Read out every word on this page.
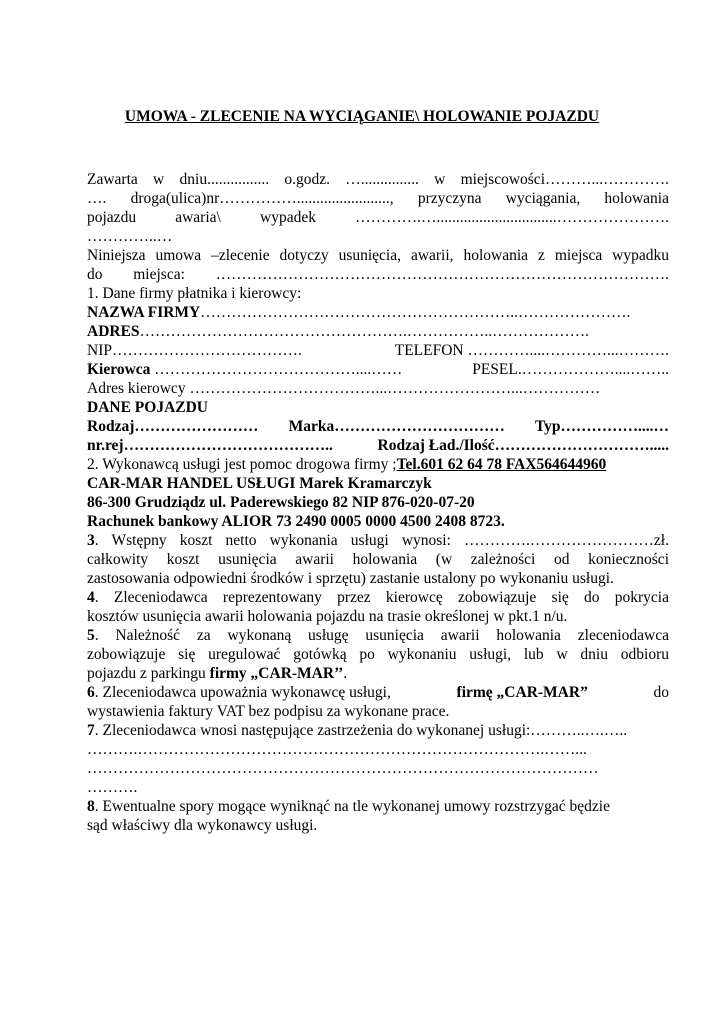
UMOWA - ZLECENIE NA WYCIĄGANIE\ HOLOWANIE POJAZDU
Zawarta w dniu................ o.godz. …............... w miejscowości………...………….
…. droga(ulica)nr……………........................, przyczyna wyciągania, holowania
pojazdu awaria\ wypadek ………….…...............................………………….
…………..…
Niniejsza umowa –zlecenie dotyczy usunięcia, awarii, holowania z miejsca wypadku
do miejsca: …………………………………………………………………………….
1. Dane firmy płatnika i kierowcy:
NAZWA FIRMY……………………………………………………..………………….
ADRES…………………………………………….……………..……………….
NIP……………………………….	TELEFON …………....…………...……….
Kierowca …………………………………....……	PESEL.………………....……..
Adres kierowcy ………………………………...……………………...……………
DANE POJAZDU
Rodzaj…………………… Marka…………………………… Typ……………....…
nr.rej…………………………………..	Rodzaj Ład./Ilość………………………….....
2. Wykonawcą usługi jest pomoc drogowa firmy ;Tel.601 62 64 78 FAX564644960
CAR-MAR HANDEL USŁUGI Marek Kramarczyk
86-300 Grudziądz ul. Paderewskiego 82 NIP 876-020-07-20
Rachunek bankowy ALIOR 73 2490 0005 0000 4500 2408 8723.
3. Wstępny koszt netto wykonania usługi wynosi: ………….……………………zł.
całkowity koszt usunięcia awarii holowania (w zależności od konieczności
zastosowania odpowiedni środków i sprzętu) zastanie ustalony po wykonaniu usługi.
4. Zleceniodawca reprezentowany przez kierowcę zobowiązuje się do pokrycia
kosztów usunięcia awarii holowania pojazdu na trasie określonej w pkt.1 n/u.
5. Należność za wykonaną usługę usunięcia awarii holowania zleceniodawca
zobowiązuje się uregulować gotówką po wykonaniu usługi, lub w dniu odbioru
pojazdu z parkingu firmy „CAR-MAR’’.
6. Zleceniodawca upoważnia wykonawcę usługi,	firmę „CAR-MAR”	do
wystawienia faktury VAT bez podpisu za wykonane prace.
7. Zleceniodawca wnosi następujące zastrzeżenia do wykonanej usługi:………..….…..
……….…………………………………………………………………….……...
………………………………………………………………………………………
……….
8. Ewentualne spory mogące wyniknąć na tle wykonanej umowy rozstrzygać będzie
sąd właściwy dla wykonawcy usługi.
